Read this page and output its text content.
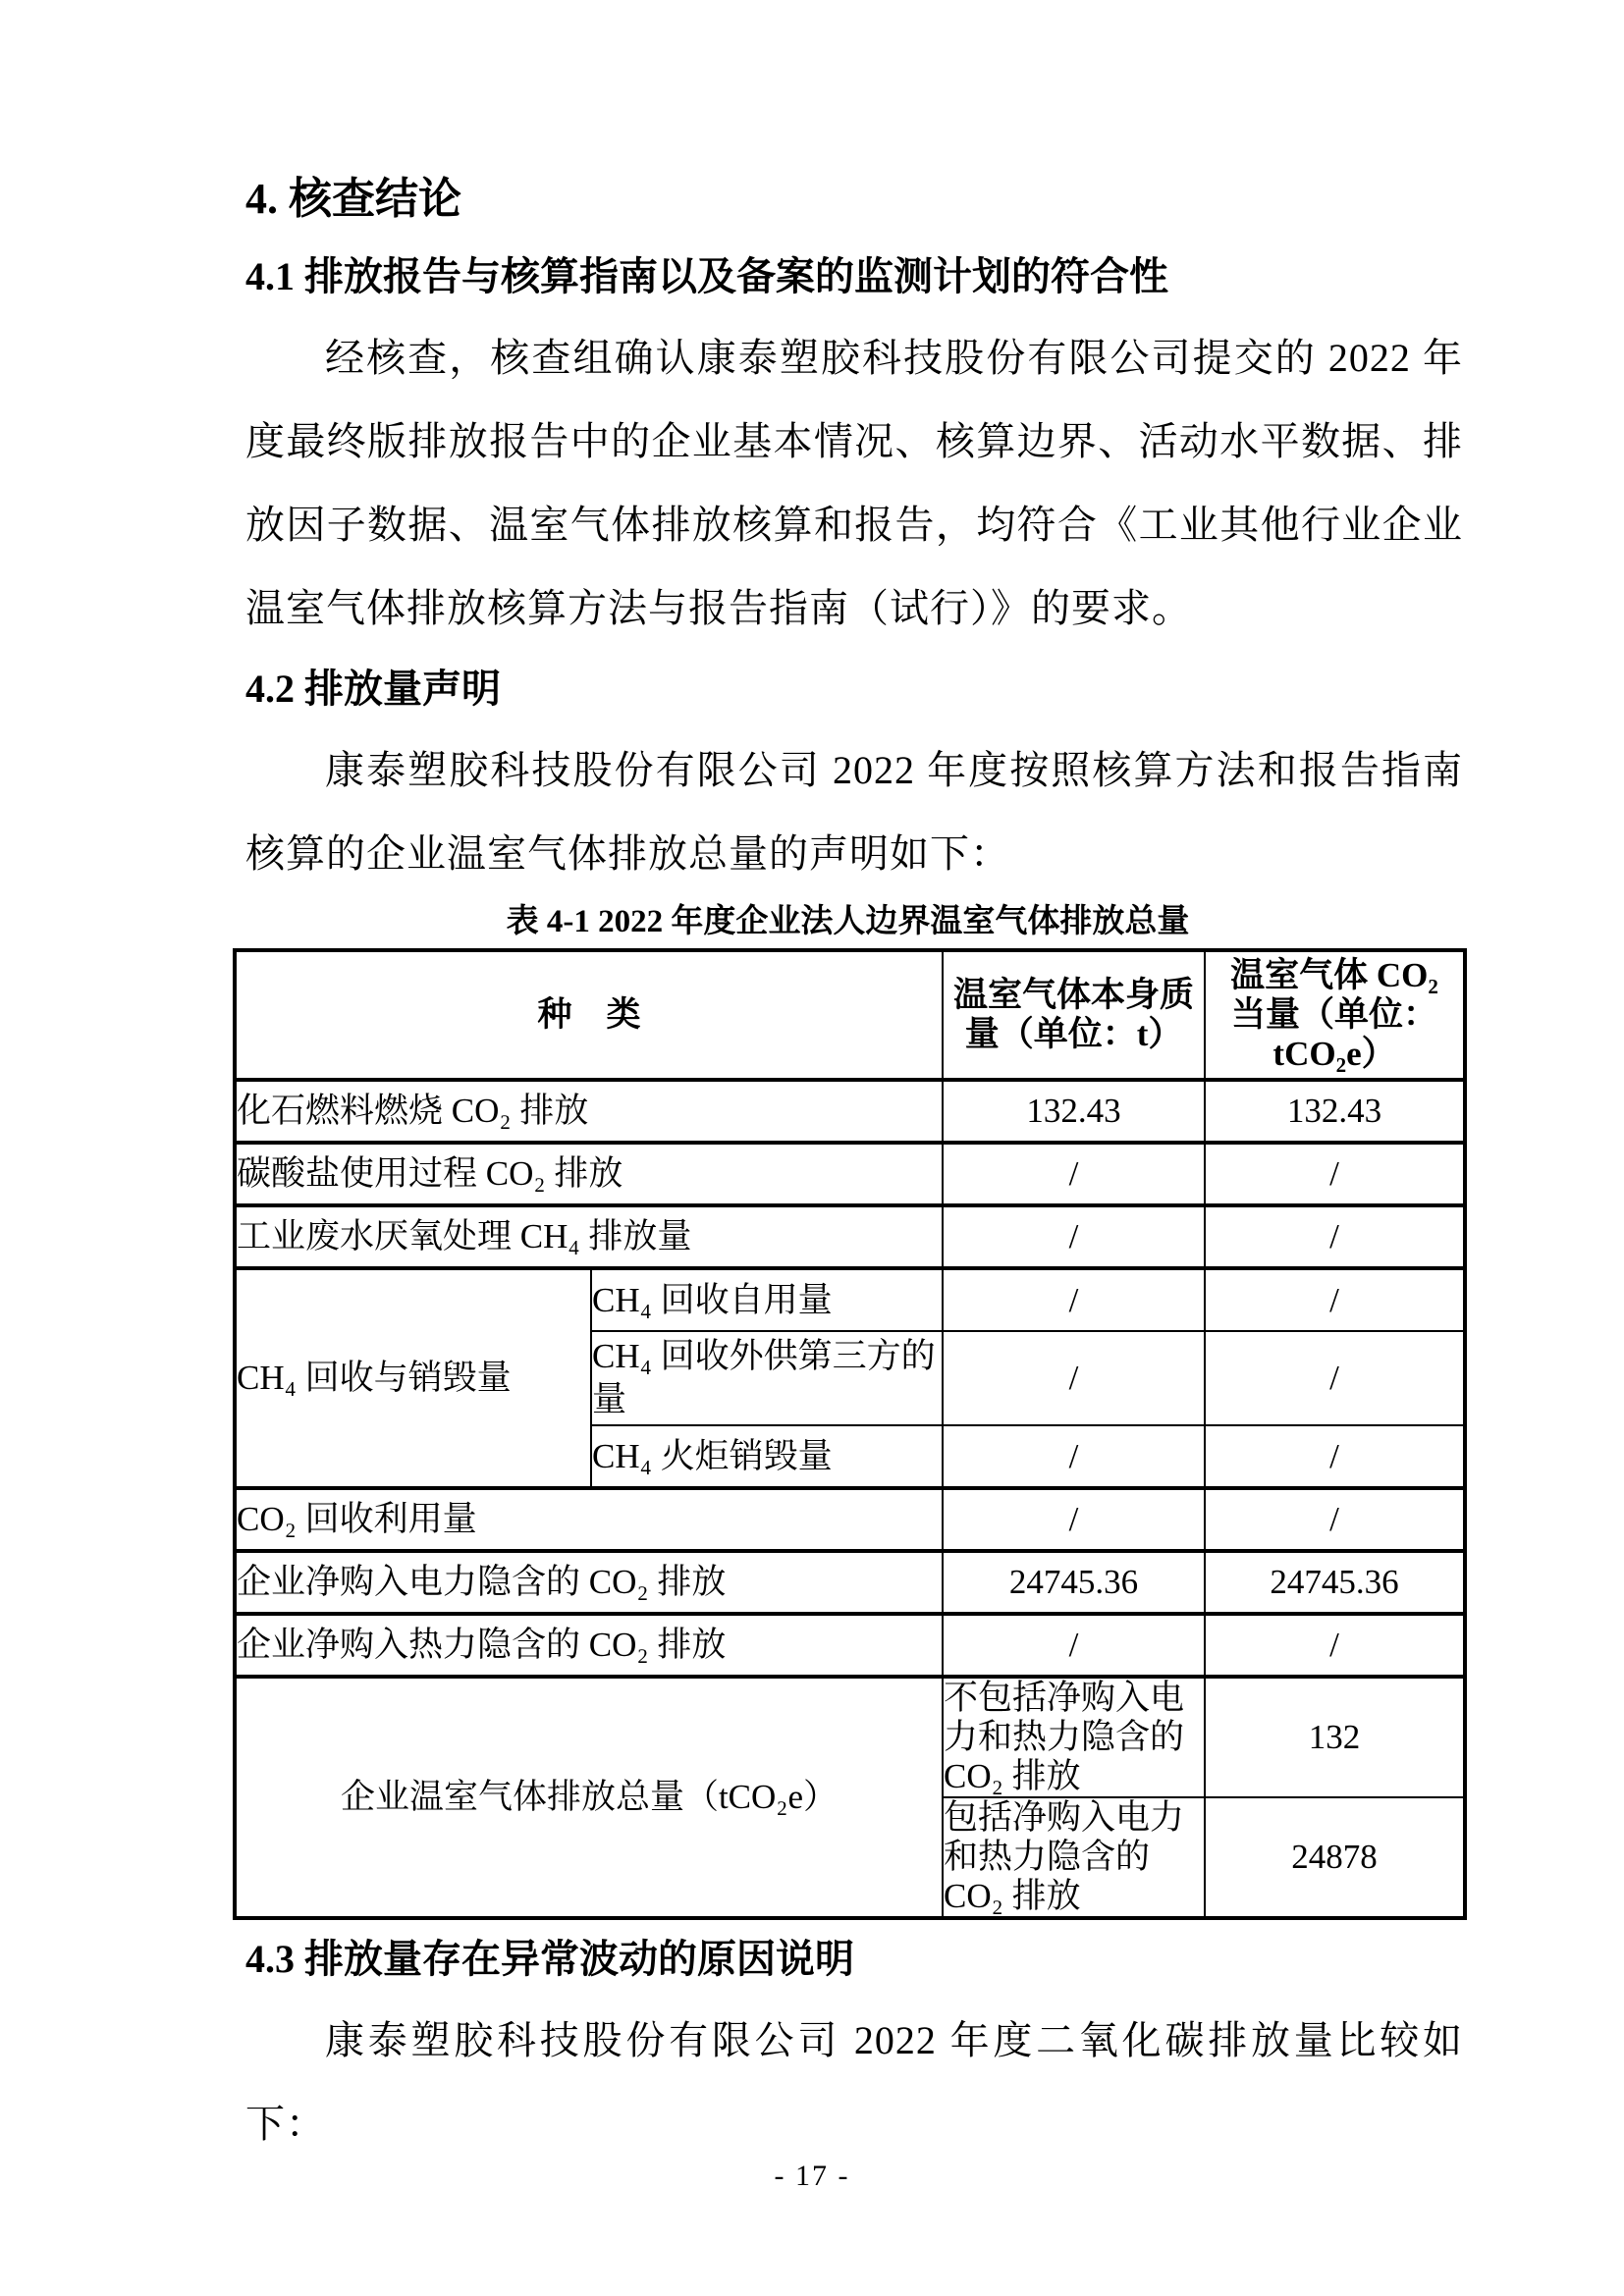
4. 核查结论
4.1 排放报告与核算指南以及备案的监测计划的符合性

经核查，核查组确认康泰塑胶科技股份有限公司提交的 2022 年度最终版排放报告中的企业基本情况、核算边界、活动水平数据、排放因子数据、温室气体排放核算和报告，均符合《工业其他行业企业温室气体排放核算方法与报告指南（试行）》的要求。

4.2 排放量声明

康泰塑胶科技股份有限公司 2022 年度按照核算方法和报告指南核算的企业温室气体排放总量的声明如下：

表 4-1 2022 年度企业法人边界温室气体排放总量
种　类		温室气体本身质量（单位：t）	温室气体 CO₂ 当量（单位：tCO₂e）
化石燃料燃烧 CO₂ 排放		132.43	132.43
碳酸盐使用过程 CO₂ 排放		/	/
工业废水厌氧处理 CH₄ 排放量		/	/
CH₄ 回收与销毁量	CH₄ 回收自用量	/	/
	CH₄ 回收外供第三方的量	/	/
	CH₄ 火炬销毁量	/	/
CO₂ 回收利用量		/	/
企业净购入电力隐含的 CO₂ 排放		24745.36	24745.36
企业净购入热力隐含的 CO₂ 排放		/	/
企业温室气体排放总量（tCO₂e）		不包括净购入电力和热力隐含的 CO₂ 排放	132
		包括净购入电力和热力隐含的 CO₂ 排放	24878
4.3 排放量存在异常波动的原因说明

康泰塑胶科技股份有限公司 2022 年度二氧化碳排放量比较如下：

- 17 -
